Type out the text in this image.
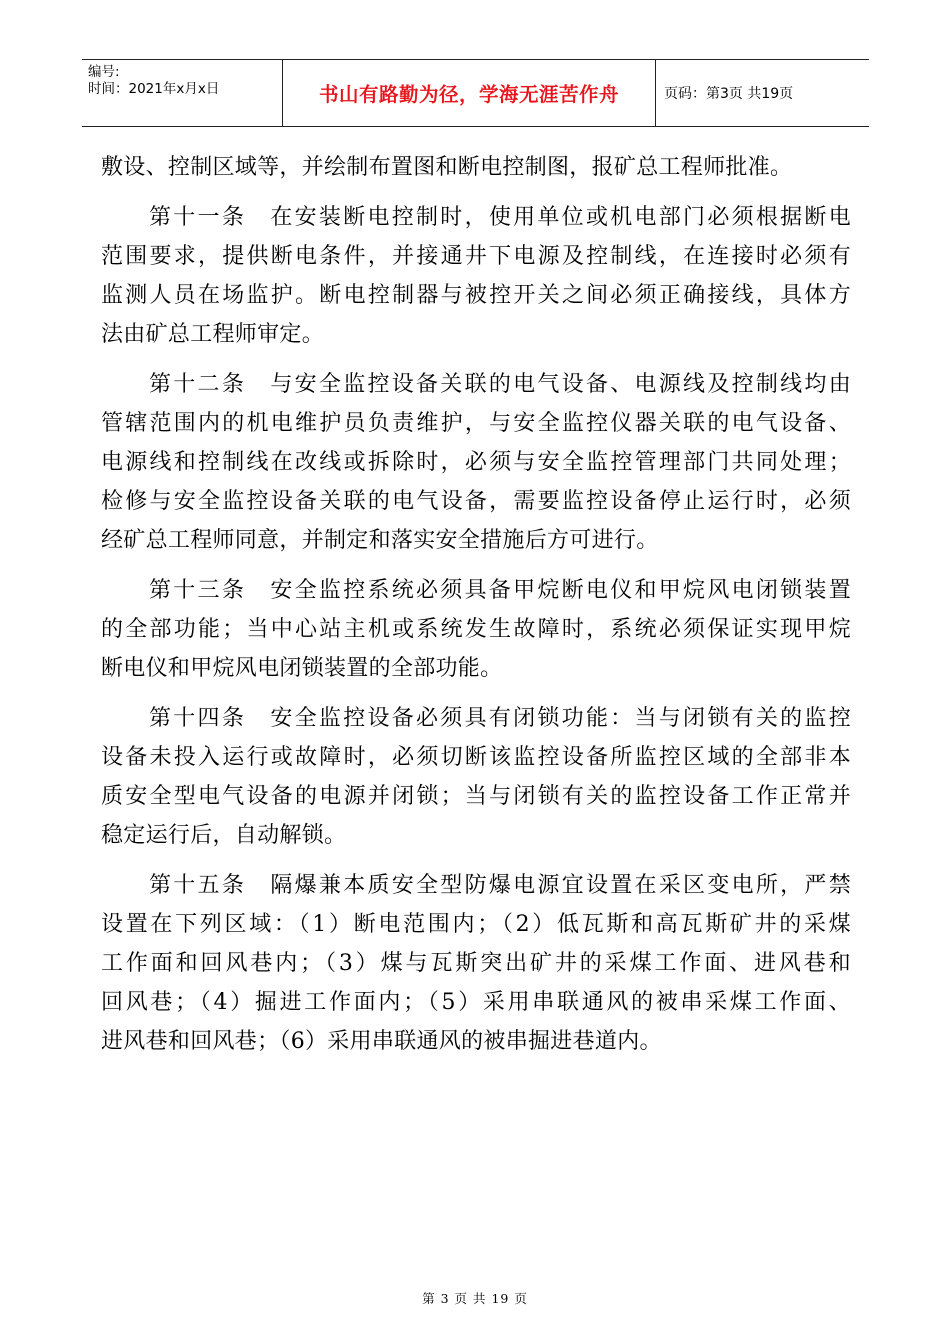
编号:
时间：2021年x月x日	书山有路勤为径，学海无涯苦作舟	页码：第3页 共19页
敷设、控制区域等，并绘制布置图和断电控制图，报矿总工程师批准。
第十一条　在安装断电控制时，使用单位或机电部门必须根据断电
范围要求，提供断电条件，并接通井下电源及控制线，在连接时必须有
监测人员在场监护。断电控制器与被控开关之间必须正确接线，具体方
法由矿总工程师审定。
第十二条　与安全监控设备关联的电气设备、电源线及控制线均由
管辖范围内的机电维护员负责维护，与安全监控仪器关联的电气设备、
电源线和控制线在改线或拆除时，必须与安全监控管理部门共同处理；
检修与安全监控设备关联的电气设备，需要监控设备停止运行时，必须
经矿总工程师同意，并制定和落实安全措施后方可进行。
第十三条　安全监控系统必须具备甲烷断电仪和甲烷风电闭锁装置
的全部功能；当中心站主机或系统发生故障时，系统必须保证实现甲烷
断电仪和甲烷风电闭锁装置的全部功能。
第十四条　安全监控设备必须具有闭锁功能：当与闭锁有关的监控
设备未投入运行或故障时，必须切断该监控设备所监控区域的全部非本
质安全型电气设备的电源并闭锁；当与闭锁有关的监控设备工作正常并
稳定运行后，自动解锁。
第十五条　隔爆兼本质安全型防爆电源宜设置在采区变电所，严禁
设置在下列区域：（1）断电范围内；（2）低瓦斯和高瓦斯矿井的采煤
工作面和回风巷内；（3）煤与瓦斯突出矿井的采煤工作面、进风巷和
回风巷；（4）掘进工作面内；（5）采用串联通风的被串采煤工作面、
进风巷和回风巷；（6）采用串联通风的被串掘进巷道内。
第 3 页 共 19 页
